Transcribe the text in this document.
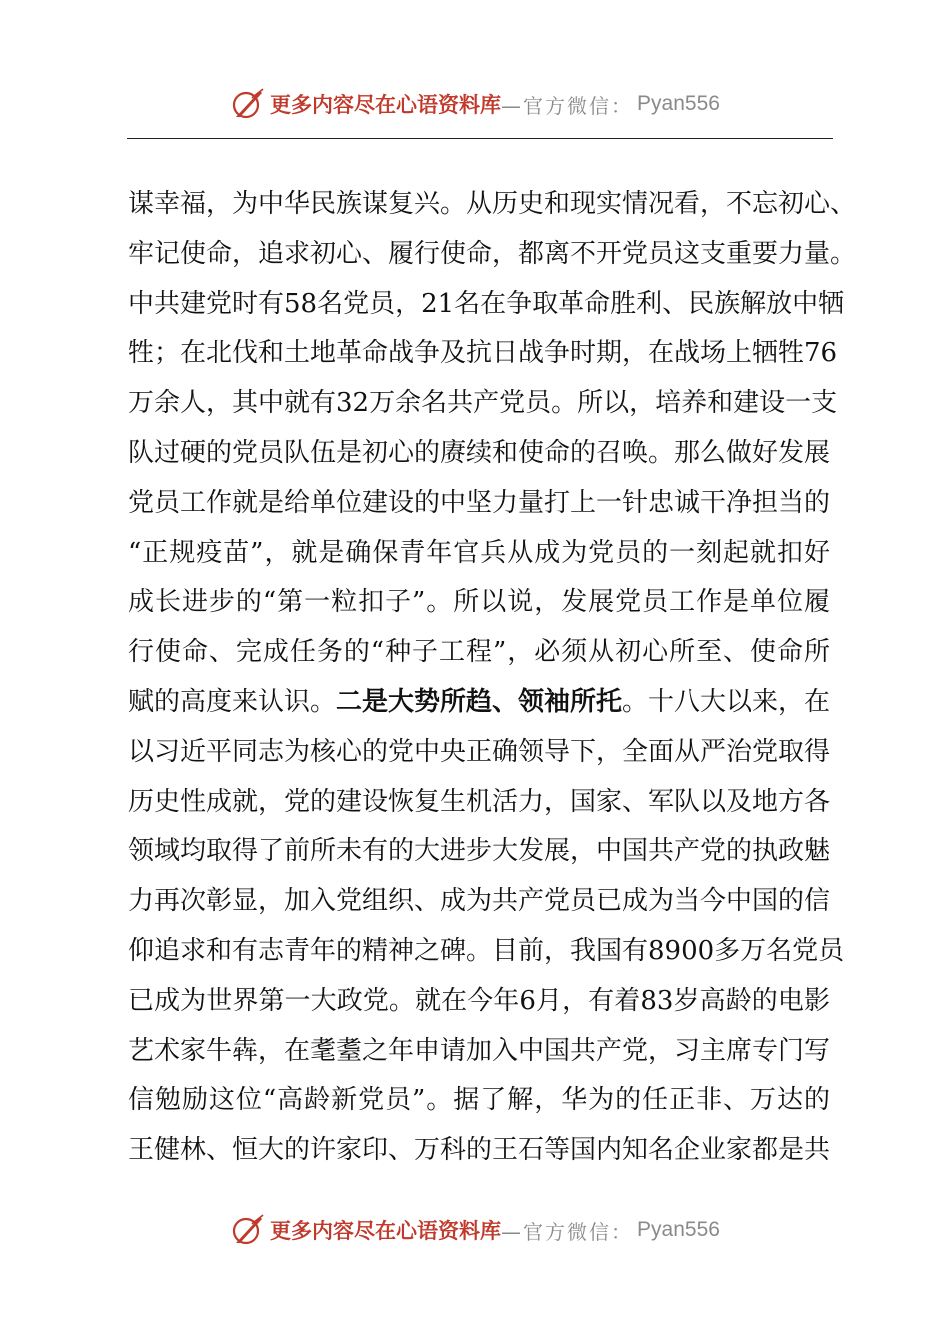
更多内容尽在心语资料库 —官方微信： Pyan556
谋幸福，为中华民族谋复兴。从历史和现实情况看，不忘初心、
牢记使命，追求初心、履行使命，都离不开党员这支重要力量。
中共建党时有58名党员，21名在争取革命胜利、民族解放中牺
牲；在北伐和土地革命战争及抗日战争时期，在战场上牺牲76
万余人，其中就有32万余名共产党员。所以，培养和建设一支
队过硬的党员队伍是初心的赓续和使命的召唤。那么做好发展
党员工作就是给单位建设的中坚力量打上一针忠诚干净担当的
“正规疫苗”，就是确保青年官兵从成为党员的一刻起就扣好
成长进步的“第一粒扣子”。所以说，发展党员工作是单位履
行使命、完成任务的“种子工程”，必须从初心所至、使命所
赋的高度来认识。二是大势所趋、领袖所托。十八大以来，在
以习近平同志为核心的党中央正确领导下，全面从严治党取得
历史性成就，党的建设恢复生机活力，国家、军队以及地方各
领域均取得了前所未有的大进步大发展，中国共产党的执政魅
力再次彰显，加入党组织、成为共产党员已成为当今中国的信
仰追求和有志青年的精神之碑。目前，我国有8900多万名党员
已成为世界第一大政党。就在今年6月，有着83岁高龄的电影
艺术家牛犇，在耄耋之年申请加入中国共产党，习主席专门写
信勉励这位“高龄新党员”。据了解，华为的任正非、万达的
王健林、恒大的许家印、万科的王石等国内知名企业家都是共
更多内容尽在心语资料库 —官方微信： Pyan556
